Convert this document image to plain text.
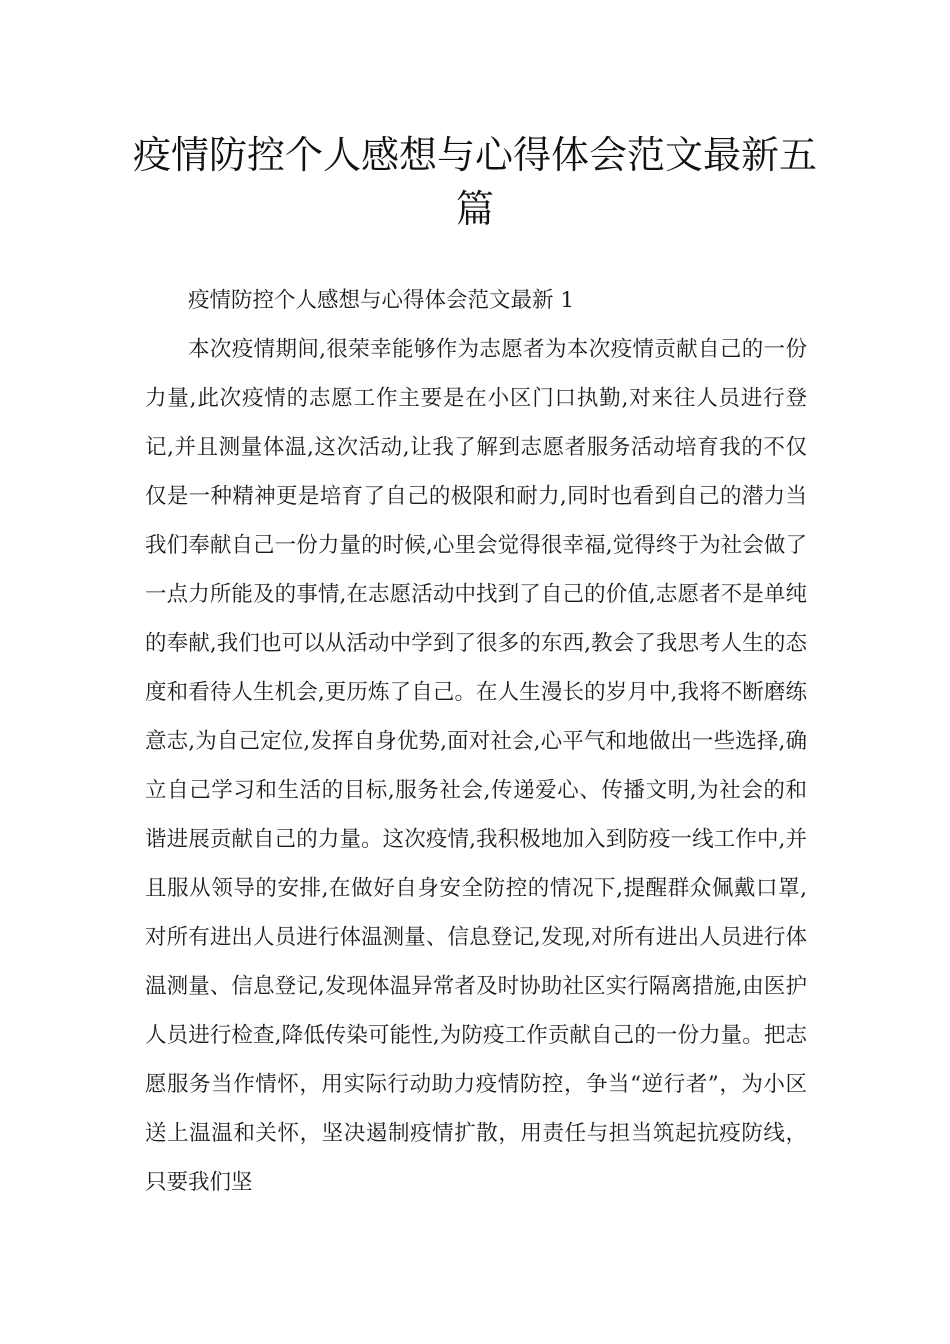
疫情防控个人感想与心得体会范文最新五篇

疫情防控个人感想与心得体会范文最新 1

本次疫情期间,很荣幸能够作为志愿者为本次疫情贡献自己的一份力量,此次疫情的志愿工作主要是在小区门口执勤,对来往人员进行登记,并且测量体温,这次活动,让我了解到志愿者服务活动培育我的不仅仅是一种精神更是培育了自己的极限和耐力,同时也看到自己的潜力当我们奉献自己一份力量的时候,心里会觉得很幸福,觉得终于为社会做了一点力所能及的事情,在志愿活动中找到了自己的价值,志愿者不是单纯的奉献,我们也可以从活动中学到了很多的东西,教会了我思考人生的态度和看待人生机会,更历炼了自己。在人生漫长的岁月中,我将不断磨练意志,为自己定位,发挥自身优势,面对社会,心平气和地做出一些选择,确立自己学习和生活的目标,服务社会,传递爱心、传播文明,为社会的和谐进展贡献自己的力量。这次疫情,我积极地加入到防疫一线工作中,并且服从领导的安排,在做好自身安全防控的情况下,提醒群众佩戴口罩,对所有进出人员进行体温测量、信息登记,发现,对所有进出人员进行体温测量、信息登记,发现体温异常者及时协助社区实行隔离措施,由医护人员进行检查,降低传染可能性,为防疫工作贡献自己的一份力量。把志愿服务当作情怀，用实际行动助力疫情防控，争当“逆行者”，为小区送上温温和关怀，坚决遏制疫情扩散，用责任与担当筑起抗疫防线，只要我们坚
